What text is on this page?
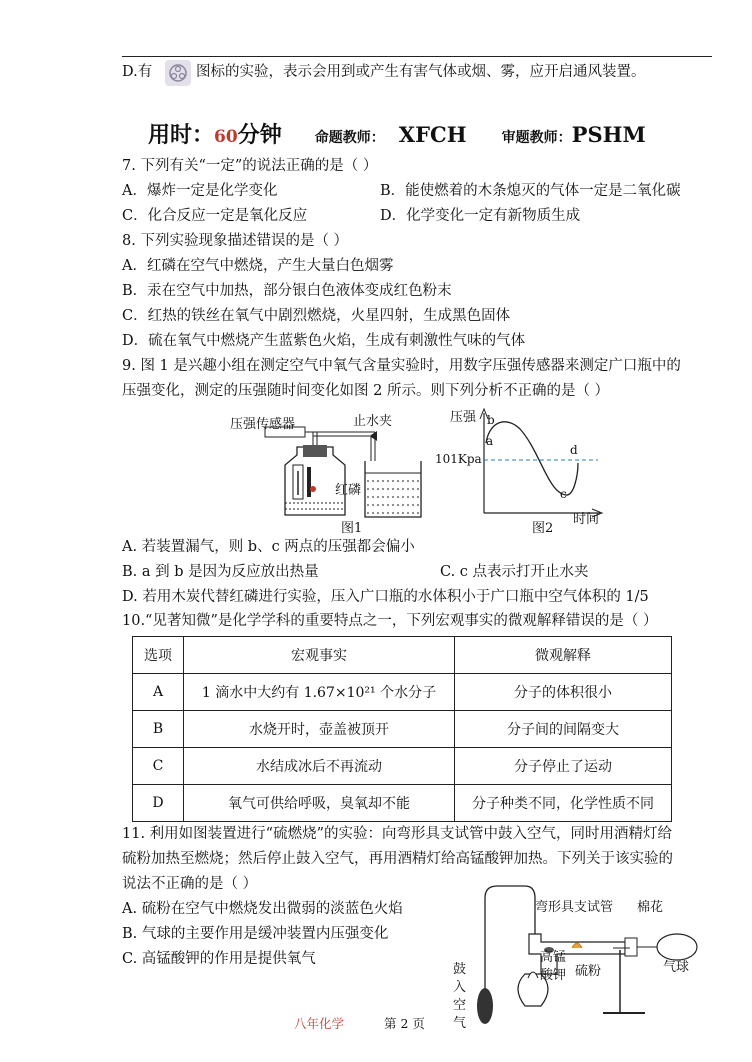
D.有	图标的实验，表示会用到或产生有害气体或烟、雾，应开启通风装置。
用时：60分钟 命题教师： XFCH	审题教师：PSHM
7. 下列有关“一定”的说法正确的是（ ）
A．爆炸一定是化学变化	B．能使燃着的木条熄灭的气体一定是二氧化碳
C．化合反应一定是氧化反应	D．化学变化一定有新物质生成
8. 下列实验现象描述错误的是（ ）
A．红磷在空气中燃烧，产生大量白色烟雾
B．汞在空气中加热，部分银白色液体变成红色粉末
C．红热的铁丝在氧气中剧烈燃烧，火星四射，生成黑色固体
D．硫在氧气中燃烧产生蓝紫色火焰，生成有刺激性气味的气体
9. 图 1 是兴趣小组在测定空气中氧气含量实验时，用数字压强传感器来测定广口瓶中的
压强变化，测定的压强随时间变化如图 2 所示。则下列分析不正确的是（ ）
压强传感器	止水夹
红磷
图1
压强 b
a
101Kpa
d
c
图2
时间
A. 若装置漏气，则 b、c 两点的压强都会偏小
B. a 到 b 是因为反应放出热量	C. c 点表示打开止水夹
D. 若用木炭代替红磷进行实验，压入广口瓶的水体积小于广口瓶中空气体积的 1/5
10.“见著知微”是化学学科的重要特点之一，下列宏观事实的微观解释错误的是（ ）
选项	宏观事实	微观解释
A	1 滴水中大约有 1.67×10²¹ 个水分子	分子的体积很小
B	水烧开时，壶盖被顶开	分子间的间隔变大
C	水结成冰后不再流动	分子停止了运动
D	氧气可供给呼吸，臭氧却不能	分子种类不同，化学性质不同
11. 利用如图装置进行“硫燃烧”的实验：向弯形具支试管中鼓入空气，同时用酒精灯给
硫粉加热至燃烧；然后停止鼓入空气，再用酒精灯给高锰酸钾加热。下列关于该实验的
说法不正确的是（ ）
A. 硫粉在空气中燃烧发出微弱的淡蓝色火焰
B. 气球的主要作用是缓冲装置内压强变化
C. 高锰酸钾的作用是提供氧气
弯形具支试管 棉花
高锰
酸钾 硫粉	气球
鼓
入
空
气
八年化学	第 2 页
